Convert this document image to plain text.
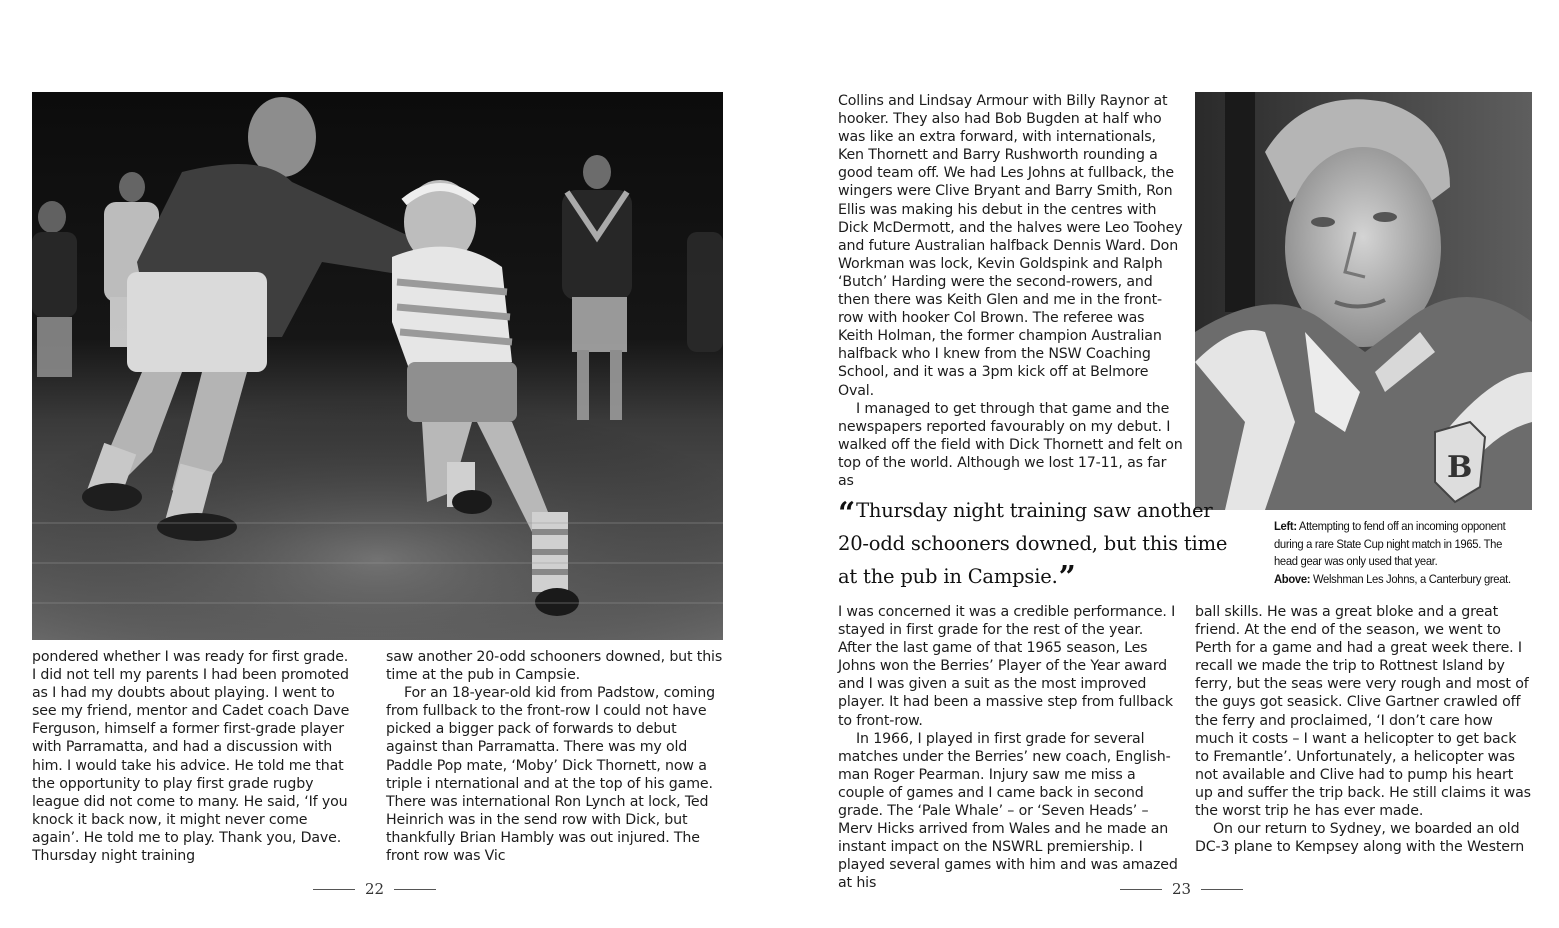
pondered whether I was ready for first grade. I did not tell my parents I had been promoted as I had my doubts about playing. I went to see my friend, mentor and Cadet coach Dave Ferguson, himself a former first-grade player with Parramatta, and had a discussion with him. I would take his advice. He told me that the opportunity to play first grade rugby league did not come to many. He said, ‘If you knock it back now, it might never come again’. He told me to play. Thank you, Dave. Thursday night training

saw another 20-odd schooners downed, but this time at the pub in Campsie.

For an 18-year-old kid from Padstow, coming from fullback to the front-row I could not have picked a bigger pack of forwards to debut against than Parramatta. There was my old Paddle Pop mate, ‘Moby’ Dick Thornett, now a triple i nternational and at the top of his game. There was international Ron Lynch at lock, Ted Heinrich was in the send row with Dick, but thankfully Brian Hambly was out injured. The front row was Vic

22

Collins and Lindsay Armour with Billy Raynor at hooker. They also had Bob Bugden at half who was like an extra forward, with internationals, Ken Thornett and Barry Rushworth rounding a good team off. We had Les Johns at fullback, the wingers were Clive Bryant and Barry Smith, Ron Ellis was making his debut in the centres with Dick McDermott, and the halves were Leo Toohey and future Australian halfback Dennis Ward. Don Workman was lock, Kevin Goldspink and Ralph ‘Butch’ Harding were the second-rowers, and then there was Keith Glen and me in the front-row with hooker Col Brown. The referee was Keith Holman, the former champion Australian halfback who I knew from the NSW Coaching School, and it was a 3pm kick off at Belmore Oval.

I managed to get through that game and the newspapers reported favourably on my debut. I walked off the field with Dick Thornett and felt on top of the world. Although we lost 17-11, as far as	B
“Thursday night training saw another 20-odd schooners downed, but this time at the pub in Campsie.”
Left: Attempting to fend off an incoming opponent during a rare State Cup night match in 1965. The head gear was only used that year.
Above: Welshman Les Johns, a Canterbury great.

I was concerned it was a credible performance. I stayed in first grade for the rest of the year. After the last game of that 1965 season, Les Johns won the Berries’ Player of the Year award and I was given a suit as the most improved player. It had been a massive step from fullback to front-row.

In 1966, I played in first grade for several matches under the Berries’ new coach, English-man Roger Pearman. Injury saw me miss a couple of games and I came back in second grade. The ‘Pale Whale’ – or ‘Seven Heads’ – Merv Hicks arrived from Wales and he made an instant impact on the NSWRL premiership. I played several games with him and was amazed at his

ball skills. He was a great bloke and a great friend. At the end of the season, we went to Perth for a game and had a great week there. I recall we made the trip to Rottnest Island by ferry, but the seas were very rough and most of the guys got seasick. Clive Gartner crawled off the ferry and proclaimed, ‘I don’t care how much it costs – I want a helicopter to get back to Fremantle’. Unfortunately, a helicopter was not available and Clive had to pump his heart up and suffer the trip back. He still claims it was the worst trip he has ever made.

On our return to Sydney, we boarded an old DC-3 plane to Kempsey along with the Western

23
